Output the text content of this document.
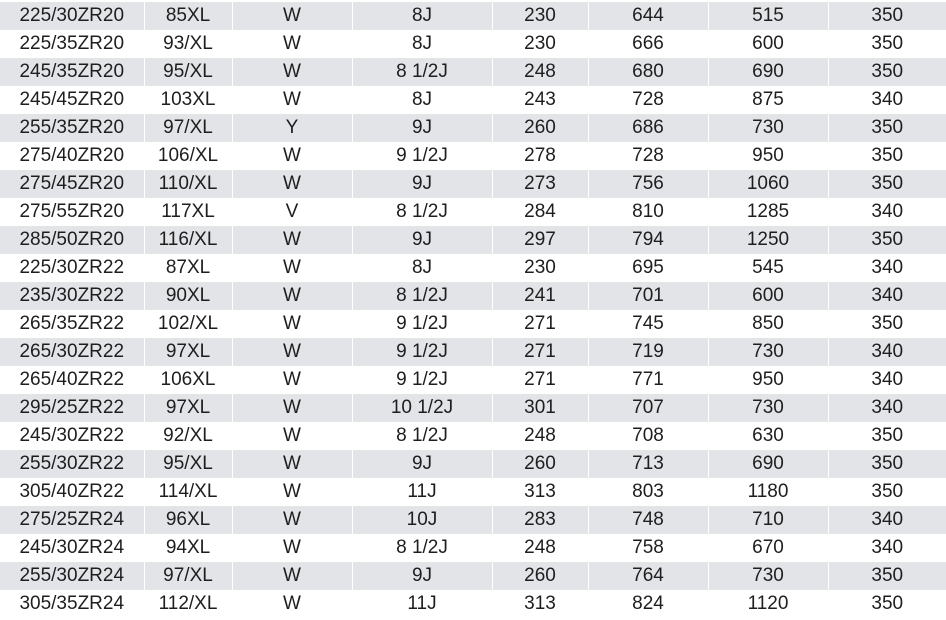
225/30ZR20	85XL	W	8J	230	644	515	350
225/35ZR20	93/XL	W	8J	230	666	600	350
245/35ZR20	95/XL	W	8 1/2J	248	680	690	350
245/45ZR20	103XL	W	8J	243	728	875	340
255/35ZR20	97/XL	Y	9J	260	686	730	350
275/40ZR20	106/XL	W	9 1/2J	278	728	950	350
275/45ZR20	110/XL	W	9J	273	756	1060	350
275/55ZR20	117XL	V	8 1/2J	284	810	1285	340
285/50ZR20	116/XL	W	9J	297	794	1250	350
225/30ZR22	87XL	W	8J	230	695	545	340
235/30ZR22	90XL	W	8 1/2J	241	701	600	340
265/35ZR22	102/XL	W	9 1/2J	271	745	850	350
265/30ZR22	97XL	W	9 1/2J	271	719	730	340
265/40ZR22	106XL	W	9 1/2J	271	771	950	340
295/25ZR22	97XL	W	10 1/2J	301	707	730	340
245/30ZR22	92/XL	W	8 1/2J	248	708	630	350
255/30ZR22	95/XL	W	9J	260	713	690	350
305/40ZR22	114/XL	W	11J	313	803	1180	350
275/25ZR24	96XL	W	10J	283	748	710	340
245/30ZR24	94XL	W	8 1/2J	248	758	670	340
255/30ZR24	97/XL	W	9J	260	764	730	350
305/35ZR24	112/XL	W	11J	313	824	1120	350
